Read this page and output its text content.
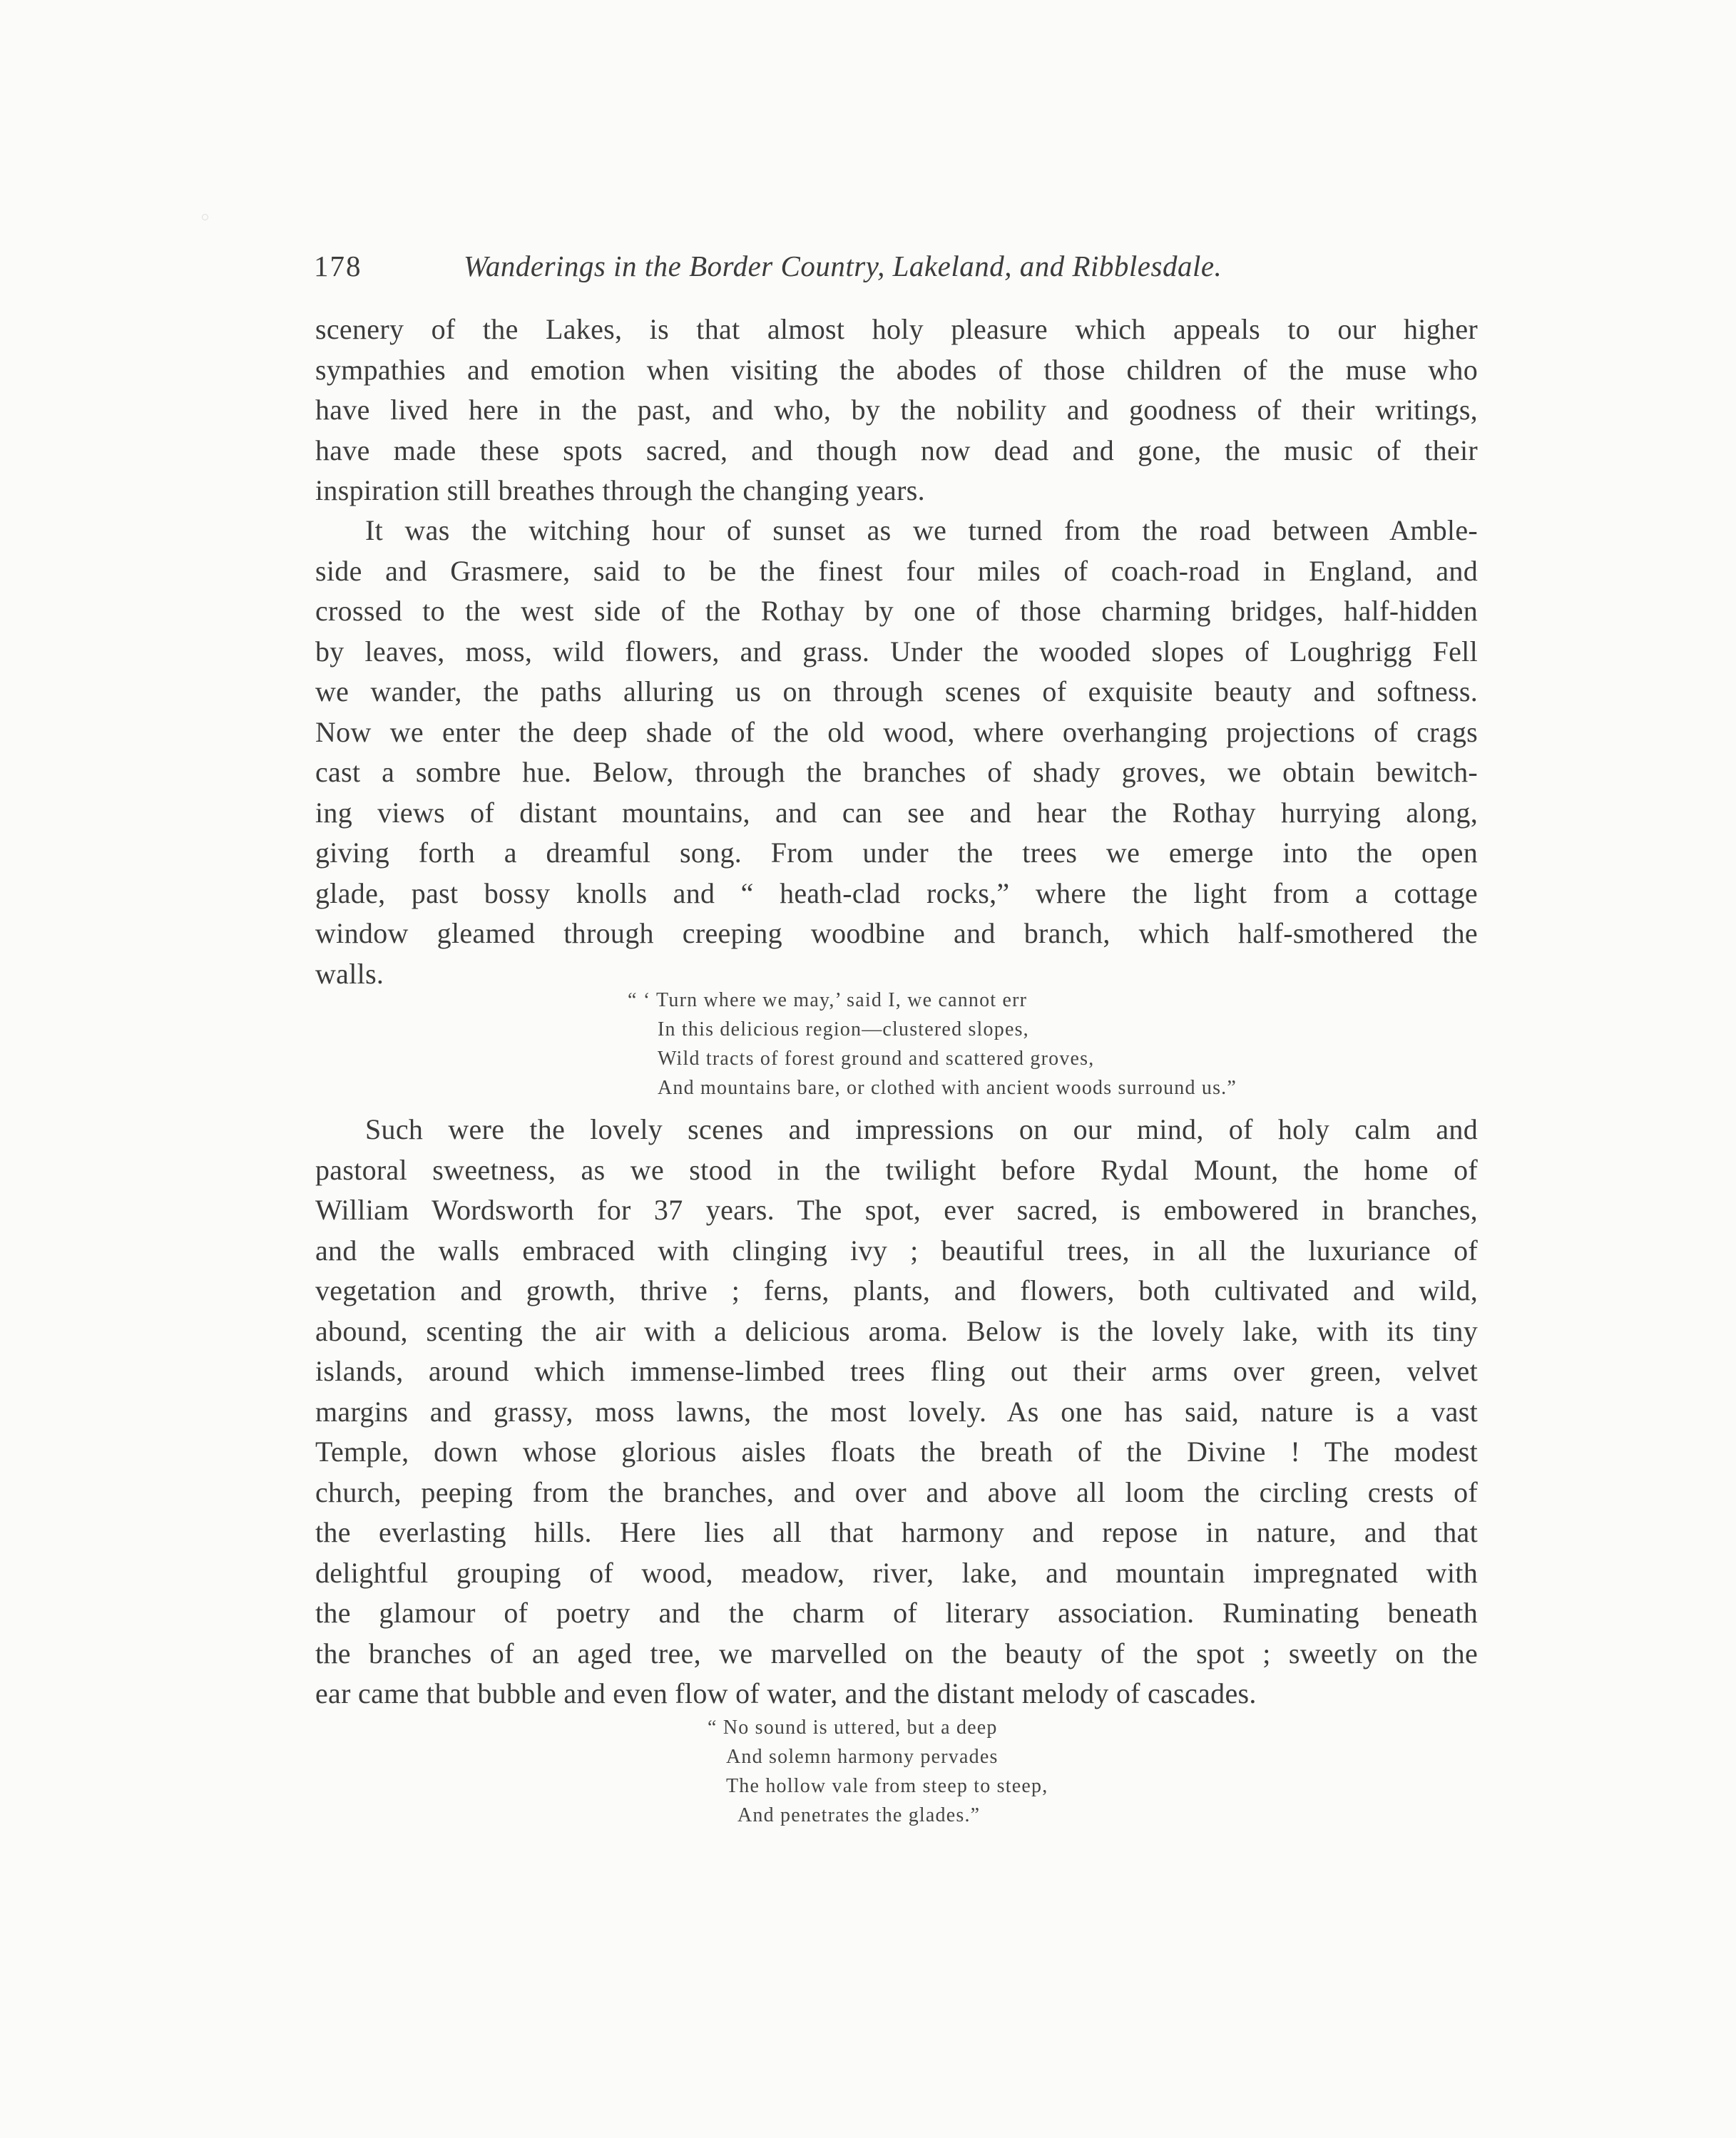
178	Wanderings in the Border Country, Lakeland, and Ribblesdale.
scenery of the Lakes, is that almost holy pleasure which appeals to our higher
sympathies and emotion when visiting the abodes of those children of the muse who
have lived here in the past, and who, by the nobility and goodness of their writings,
have made these spots sacred, and though now dead and gone, the music of their
inspiration still breathes through the changing years.
It was the witching hour of sunset as we turned from the road between Amble-
side and Grasmere, said to be the finest four miles of coach-road in England, and
crossed to the west side of the Rothay by one of those charming bridges, half-hidden
by leaves, moss, wild flowers, and grass. Under the wooded slopes of Loughrigg Fell
we wander, the paths alluring us on through scenes of exquisite beauty and softness.
Now we enter the deep shade of the old wood, where overhanging projections of crags
cast a sombre hue. Below, through the branches of shady groves, we obtain bewitch-
ing views of distant mountains, and can see and hear the Rothay hurrying along,
giving forth a dreamful song. From under the trees we emerge into the open
glade, past bossy knolls and “ heath-clad rocks,” where the light from a cottage
window gleamed through creeping woodbine and branch, which half-smothered the
walls.
“ ‘ Turn where we may,’ said I, we cannot err
In this delicious region—clustered slopes,
Wild tracts of forest ground and scattered groves,
And mountains bare, or clothed with ancient woods surround us.”
Such were the lovely scenes and impressions on our mind, of holy calm and
pastoral sweetness, as we stood in the twilight before Rydal Mount, the home of
William Wordsworth for 37 years. The spot, ever sacred, is embowered in branches,
and the walls embraced with clinging ivy ; beautiful trees, in all the luxuriance of
vegetation and growth, thrive ; ferns, plants, and flowers, both cultivated and wild,
abound, scenting the air with a delicious aroma. Below is the lovely lake, with its tiny
islands, around which immense-limbed trees fling out their arms over green, velvet
margins and grassy, moss lawns, the most lovely. As one has said, nature is a vast
Temple, down whose glorious aisles floats the breath of the Divine ! The modest
church, peeping from the branches, and over and above all loom the circling crests of
the everlasting hills. Here lies all that harmony and repose in nature, and that
delightful grouping of wood, meadow, river, lake, and mountain impregnated with
the glamour of poetry and the charm of literary association. Ruminating beneath
the branches of an aged tree, we marvelled on the beauty of the spot ; sweetly on the
ear came that bubble and even flow of water, and the distant melody of cascades.
“ No sound is uttered, but a deep
And solemn harmony pervades
The hollow vale from steep to steep,
And penetrates the glades.”
